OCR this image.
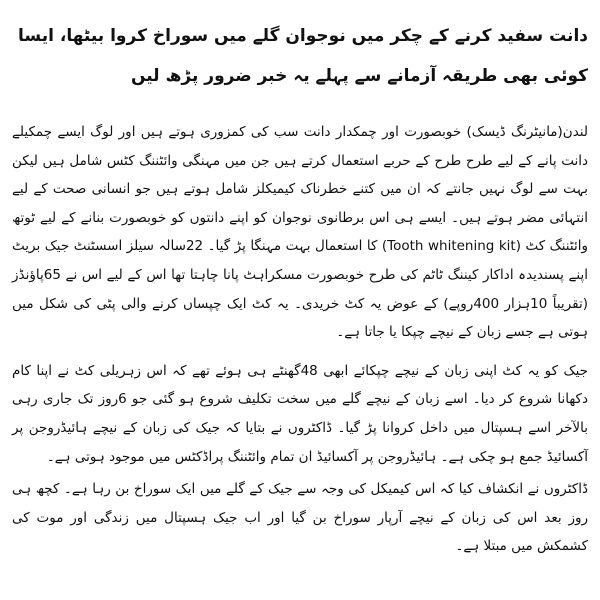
دانت سفید کرنے کے چکر میں نوجوان گلے میں سوراخ کروا بیٹھا، ایسا کوئی بھی طریقہ آزمانے سے پہلے یہ خبر ضرور پڑھ لیں

لندن(مانیٹرنگ ڈیسک) خوبصورت اور چمکدار دانت سب کی کمزوری ہوتے ہیں اور لوگ ایسے چمکیلے دانت پانے کے لیے طرح طرح کے حربے استعمال کرتے ہیں جن میں مہنگی وائٹننگ کٹس شامل ہیں لیکن بہت سے لوگ نہیں جانتے کہ ان میں کتنے خطرناک کیمیکلز شامل ہوتے ہیں جو انسانی صحت کے لیے انتہائی مضر ہوتے ہیں۔ ایسے ہی اس برطانوی نوجوان کو اپنے دانتوں کو خوبصورت بنانے کے لیے ٹوتھ وائٹننگ کٹ (Tooth whitening kit) کا استعمال بہت مہنگا پڑ گیا۔ 22سالہ سیلز اسسٹنٹ جیک بریٹ اپنے پسندیدہ اداکار کیننگ ٹاٹم کی طرح خوبصورت مسکراہٹ پانا چاہتا تھا اس کے لیے اس نے 65پاؤنڈز (تقریباً 10ہزار 400روپے) کے عوض یہ کٹ خریدی۔ یہ کٹ ایک چپساں کرنے والی پٹی کی شکل میں ہوتی ہے جسے زبان کے نیچے چپکا یا جاتا ہے۔

جیک کو یہ کٹ اپنی زبان کے نیچے چپکائے ابھی 48گھنٹے ہی ہوئے تھے کہ اس زہریلی کٹ نے اپنا کام دکھانا شروع کر دیا۔ اسے زبان کے نیچے گلے میں سخت تکلیف شروع ہو گئی جو 6روز تک جاری رہی بالآخر اسے ہسپتال میں داخل کروانا پڑ گیا۔ ڈاکٹروں نے بتایا کہ جیک کی زبان کے نیچے ہائیڈروجن پر آکسائیڈ جمع ہو چکی ہے۔ ہائیڈروجن پر آکسائیڈ ان تمام وائٹننگ پراڈکٹس میں موجود ہوتی ہے۔

ڈاکٹروں نے انکشاف کیا کہ اس کیمیکل کی وجہ سے جیک کے گلے میں ایک سوراخ بن رہا ہے۔ کچھ ہی روز بعد اس کی زبان کے نیچے آرپار سوراخ بن گیا اور اب جیک ہسپتال میں زندگی اور موت کی کشمکش میں مبتلا ہے۔
